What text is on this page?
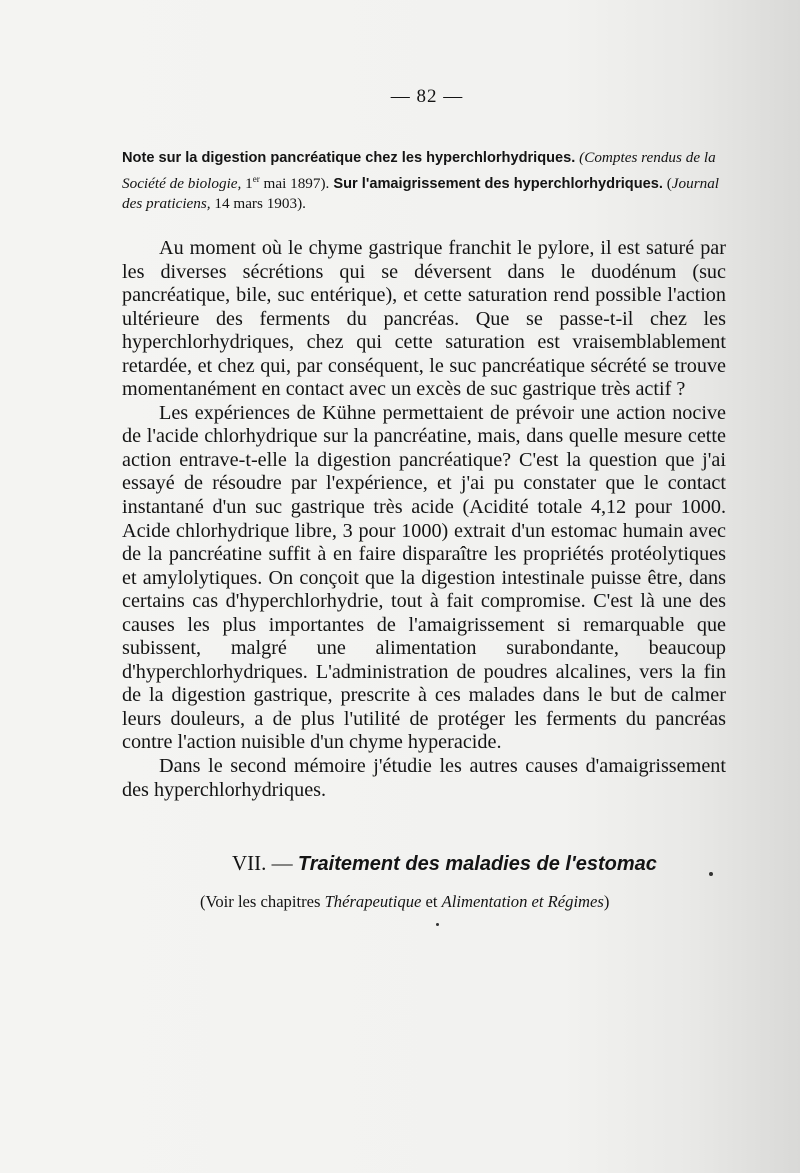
— 82 —
Note sur la digestion pancréatique chez les hyperchlorhydriques. (Comptes rendus de la Société de biologie, 1er mai 1897). Sur l'amaigrissement des hyperchlorhydriques. (Journal des praticiens, 14 mars 1903).

Au moment où le chyme gastrique franchit le pylore, il est saturé par les diverses sécrétions qui se déversent dans le duodénum (suc pancréatique, bile, suc entérique), et cette saturation rend possible l'action ultérieure des ferments du pancréas. Que se passe-t-il chez les hyperchlorhydriques, chez qui cette saturation est vraisemblablement retardée, et chez qui, par conséquent, le suc pancréatique sécrété se trouve momentanément en contact avec un excès de suc gastrique très actif ?

Les expériences de Kühne permettaient de prévoir une action nocive de l'acide chlorhydrique sur la pancréatine, mais, dans quelle mesure cette action entrave-t-elle la digestion pancréatique? C'est la question que j'ai essayé de résoudre par l'expérience, et j'ai pu constater que le contact instantané d'un suc gastrique très acide (Acidité totale 4,12 pour 1000. Acide chlorhydrique libre, 3 pour 1000) extrait d'un estomac humain avec de la pancréatine suffit à en faire disparaître les propriétés protéolytiques et amylolytiques. On conçoit que la digestion intestinale puisse être, dans certains cas d'hyperchlorhydrie, tout à fait compromise. C'est là une des causes les plus importantes de l'amaigrissement si remarquable que subissent, malgré une alimentation surabondante, beaucoup d'hyperchlorhydriques. L'administration de poudres alcalines, vers la fin de la digestion gastrique, prescrite à ces malades dans le but de calmer leurs douleurs, a de plus l'utilité de protéger les ferments du pancréas contre l'action nuisible d'un chyme hyperacide.

Dans le second mémoire j'étudie les autres causes d'amaigrissement des hyperchlorhydriques.

VII. — Traitement des maladies de l'estomac
(Voir les chapitres Thérapeutique et Alimentation et Régimes)
